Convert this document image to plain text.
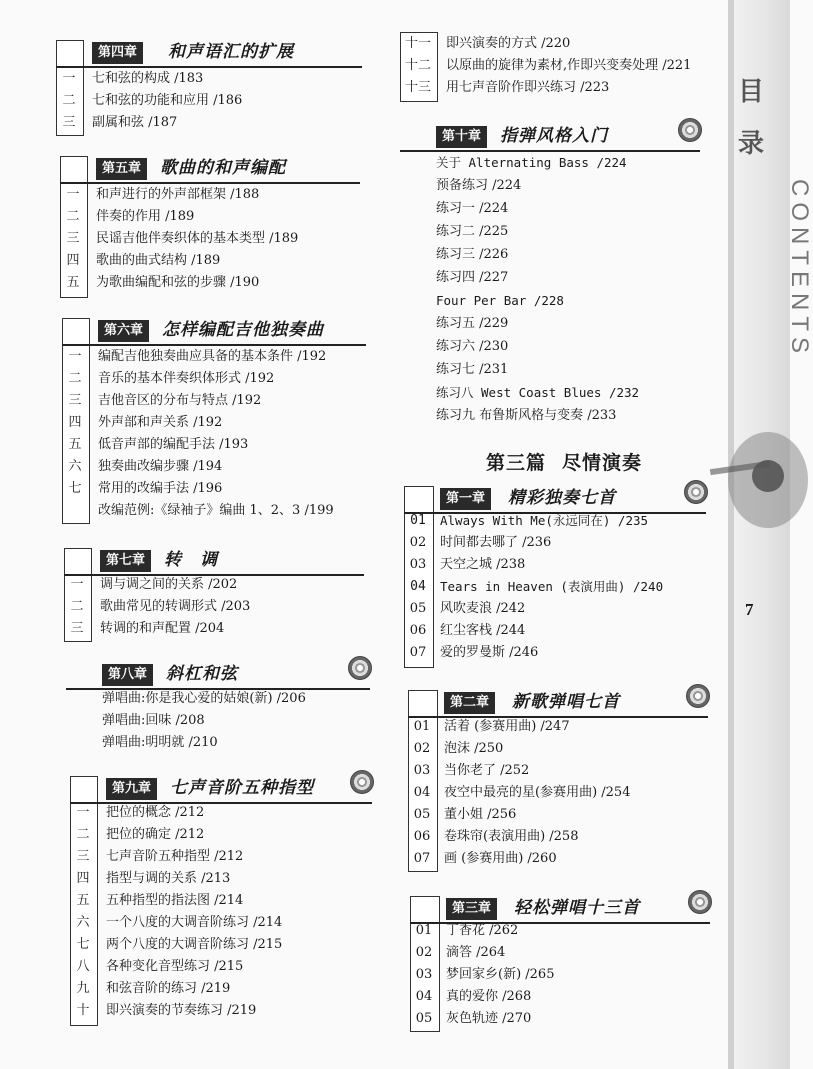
目
录
CONTENTS
7
第四章	和声语汇的扩展
一	七和弦的构成 /183
二	七和弦的功能和应用 /186
三	副属和弦 /187
第五章	歌曲的和声编配
一	和声进行的外声部框架 /188
二	伴奏的作用 /189
三	民谣吉他伴奏织体的基本类型 /189
四	歌曲的曲式结构 /189
五	为歌曲编配和弦的步骤 /190
第六章	怎样编配吉他独奏曲
一	编配吉他独奏曲应具备的基本条件 /192
二	音乐的基本伴奏织体形式 /192
三	吉他音区的分布与特点 /192
四	外声部和声关系 /192
五	低音声部的编配手法 /193
六	独奏曲改编步骤 /194
七	常用的改编手法 /196
改编范例:《绿袖子》编曲 1、2、3 /199
第七章	转　调
一	调与调之间的关系 /202
二	歌曲常见的转调形式 /203
三	转调的和声配置 /204
第八章	斜杠和弦
弹唱曲:你是我心爱的姑娘(新) /206
弹唱曲:回味 /208
弹唱曲:明明就 /210
第九章	七声音阶五种指型
一	把位的概念 /212
二	把位的确定 /212
三	七声音阶五种指型 /212
四	指型与调的关系 /213
五	五种指型的指法图 /214
六	一个八度的大调音阶练习 /214
七	两个八度的大调音阶练习 /215
八	各种变化音型练习 /215
九	和弦音阶的练习 /219
十	即兴演奏的节奏练习 /219
十一	即兴演奏的方式 /220
十二	以原曲的旋律为素材,作即兴变奏处理 /221
十三	用七声音阶作即兴练习 /223
第十章	指弹风格入门
关于 Alternating Bass /224
预备练习 /224
练习一 /224
练习二 /225
练习三 /226
练习四 /227
Four Per Bar /228
练习五 /229
练习六 /230
练习七 /231
练习八 West Coast Blues /232
练习九 布鲁斯风格与变奏 /233
第三篇 尽情演奏
第一章	精彩独奏七首
01	Always With Me(永远同在) /235
02	时间都去哪了 /236
03	天空之城 /238
04	Tears in Heaven (表演用曲) /240
05	风吹麦浪 /242
06	红尘客栈 /244
07	爱的罗曼斯 /246
第二章	新歌弹唱七首
01	活着 (参赛用曲) /247
02	泡沫 /250
03	当你老了 /252
04	夜空中最亮的星(参赛用曲) /254
05	董小姐 /256
06	卷珠帘(表演用曲) /258
07	画 (参赛用曲) /260
第三章	轻松弹唱十三首
01	丁香花 /262
02	滴答 /264
03	梦回家乡(新) /265
04	真的爱你 /268
05	灰色轨迹 /270
